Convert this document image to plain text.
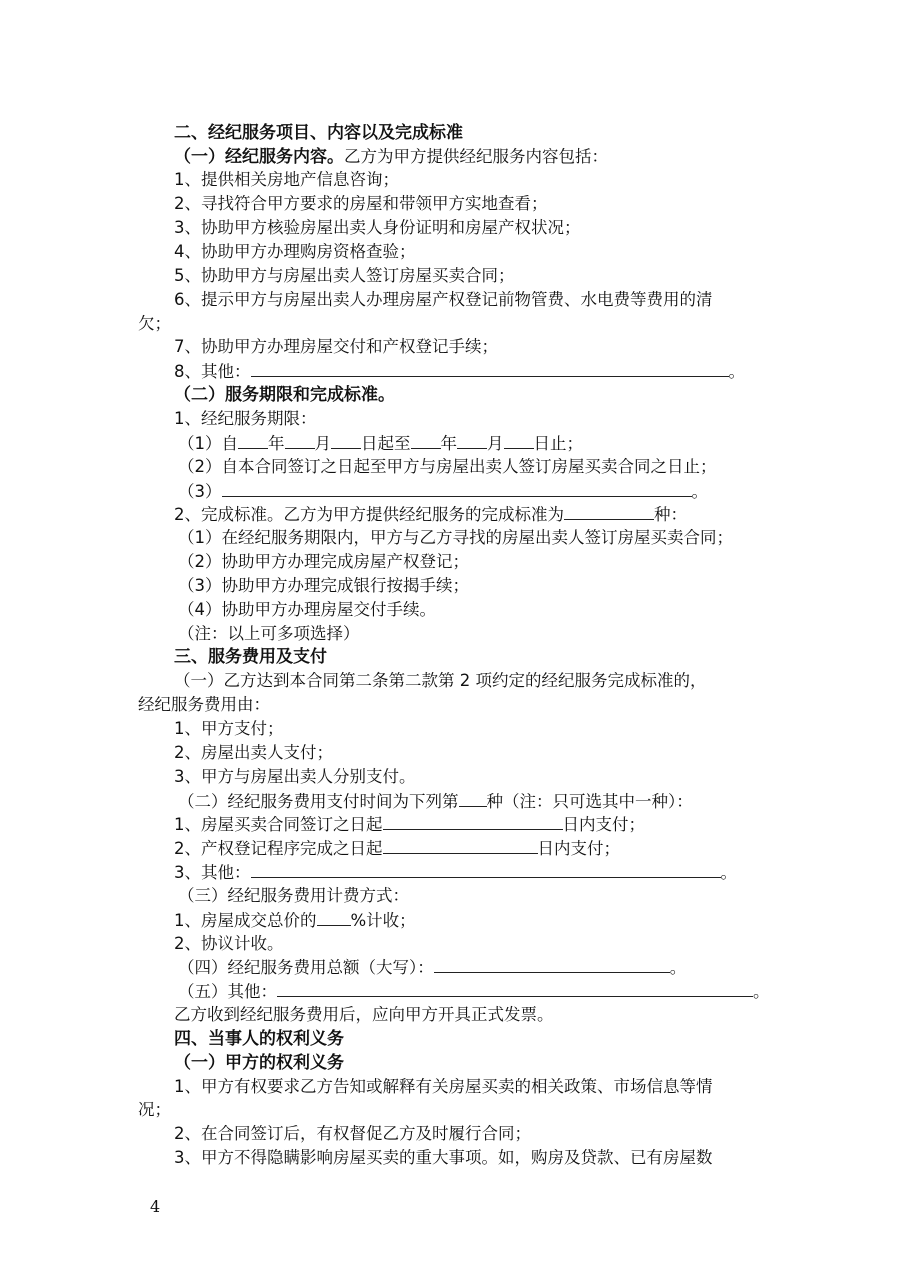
二、经纪服务项目、内容以及完成标准
（一）经纪服务内容。乙方为甲方提供经纪服务内容包括：
1、提供相关房地产信息咨询；
2、寻找符合甲方要求的房屋和带领甲方实地查看；
3、协助甲方核验房屋出卖人身份证明和房屋产权状况；
4、协助甲方办理购房资格查验；
5、协助甲方与房屋出卖人签订房屋买卖合同；
6、提示甲方与房屋出卖人办理房屋产权登记前物管费、水电费等费用的清
欠；
7、协助甲方办理房屋交付和产权登记手续；
8、其他：	。
（二）服务期限和完成标准。
1、经纪服务期限：
（1）自 年 月 日起至 年 月 日止；
（2）自本合同签订之日起至甲方与房屋出卖人签订房屋买卖合同之日止；
（3）	。
2、完成标准。乙方为甲方提供经纪服务的完成标准为	种：
（1）在经纪服务期限内，甲方与乙方寻找的房屋出卖人签订房屋买卖合同；
（2）协助甲方办理完成房屋产权登记；
（3）协助甲方办理完成银行按揭手续；
（4）协助甲方办理房屋交付手续。
（注：以上可多项选择）
三、服务费用及支付
（一）乙方达到本合同第二条第二款第 2 项约定的经纪服务完成标准的，
经纪服务费用由：
1、甲方支付；
2、房屋出卖人支付；
3、甲方与房屋出卖人分别支付。
（二）经纪服务费用支付时间为下列第 种（注：只可选其中一种）：
1、房屋买卖合同签订之日起	日内支付；
2、产权登记程序完成之日起	日内支付；
3、其他：	。
（三）经纪服务费用计费方式：
1、房屋成交总价的 %计收；
2、协议计收。
（四）经纪服务费用总额（大写）：	。
（五）其他：	。
乙方收到经纪服务费用后，应向甲方开具正式发票。
四、当事人的权利义务
（一）甲方的权利义务
1、甲方有权要求乙方告知或解释有关房屋买卖的相关政策、市场信息等情
况；
2、在合同签订后，有权督促乙方及时履行合同；
3、甲方不得隐瞒影响房屋买卖的重大事项。如，购房及贷款、已有房屋数
4
